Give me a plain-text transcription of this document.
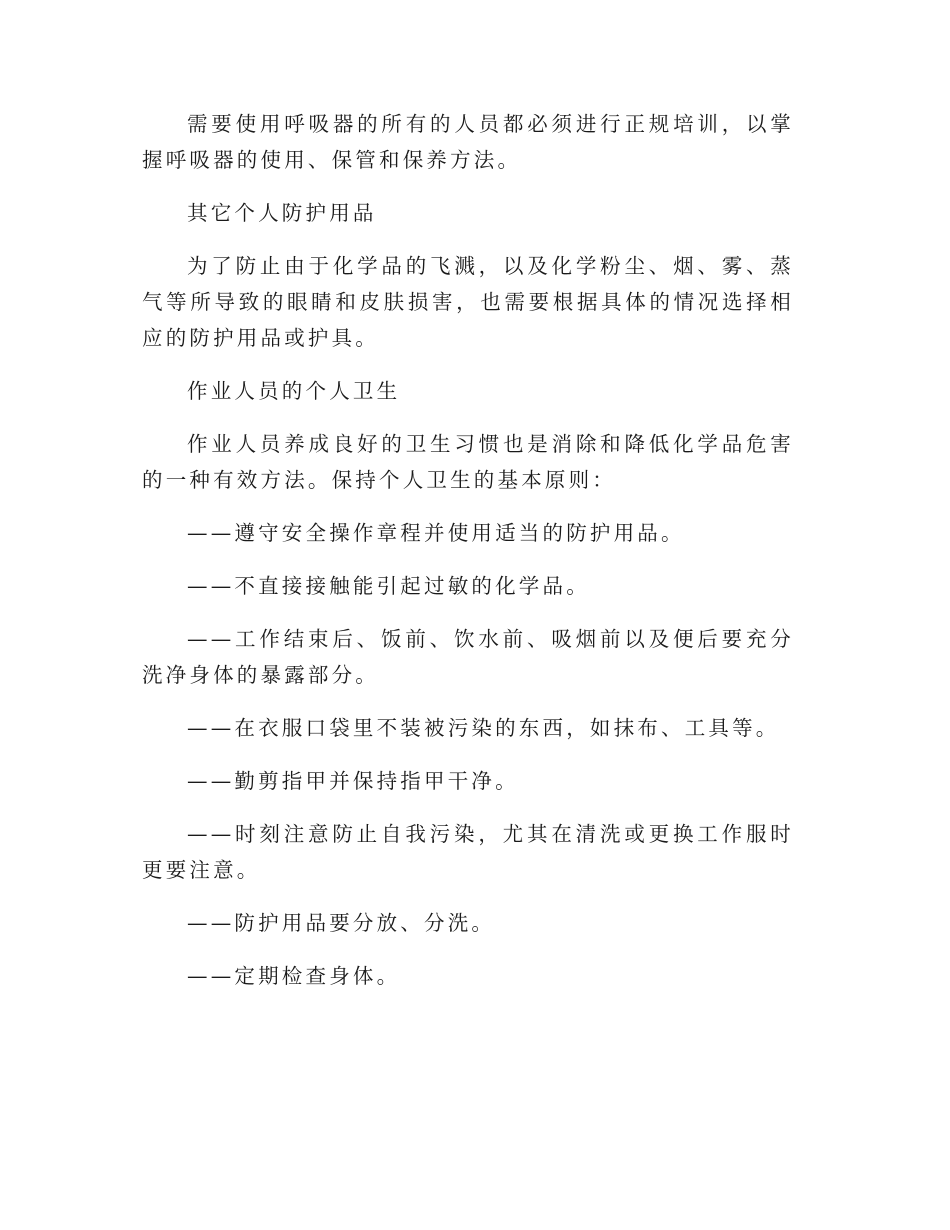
需要使用呼吸器的所有的人员都必须进行正规培训，以掌握呼吸器的使用、保管和保养方法。

其它个人防护用品

为了防止由于化学品的飞溅，以及化学粉尘、烟、雾、蒸气等所导致的眼睛和皮肤损害，也需要根据具体的情况选择相应的防护用品或护具。

作业人员的个人卫生

作业人员养成良好的卫生习惯也是消除和降低化学品危害的一种有效方法。保持个人卫生的基本原则：

——遵守安全操作章程并使用适当的防护用品。

——不直接接触能引起过敏的化学品。

——工作结束后、饭前、饮水前、吸烟前以及便后要充分洗净身体的暴露部分。

——在衣服口袋里不装被污染的东西，如抹布、工具等。

——勤剪指甲并保持指甲干净。

——时刻注意防止自我污染，尤其在清洗或更换工作服时更要注意。

——防护用品要分放、分洗。

——定期检查身体。
